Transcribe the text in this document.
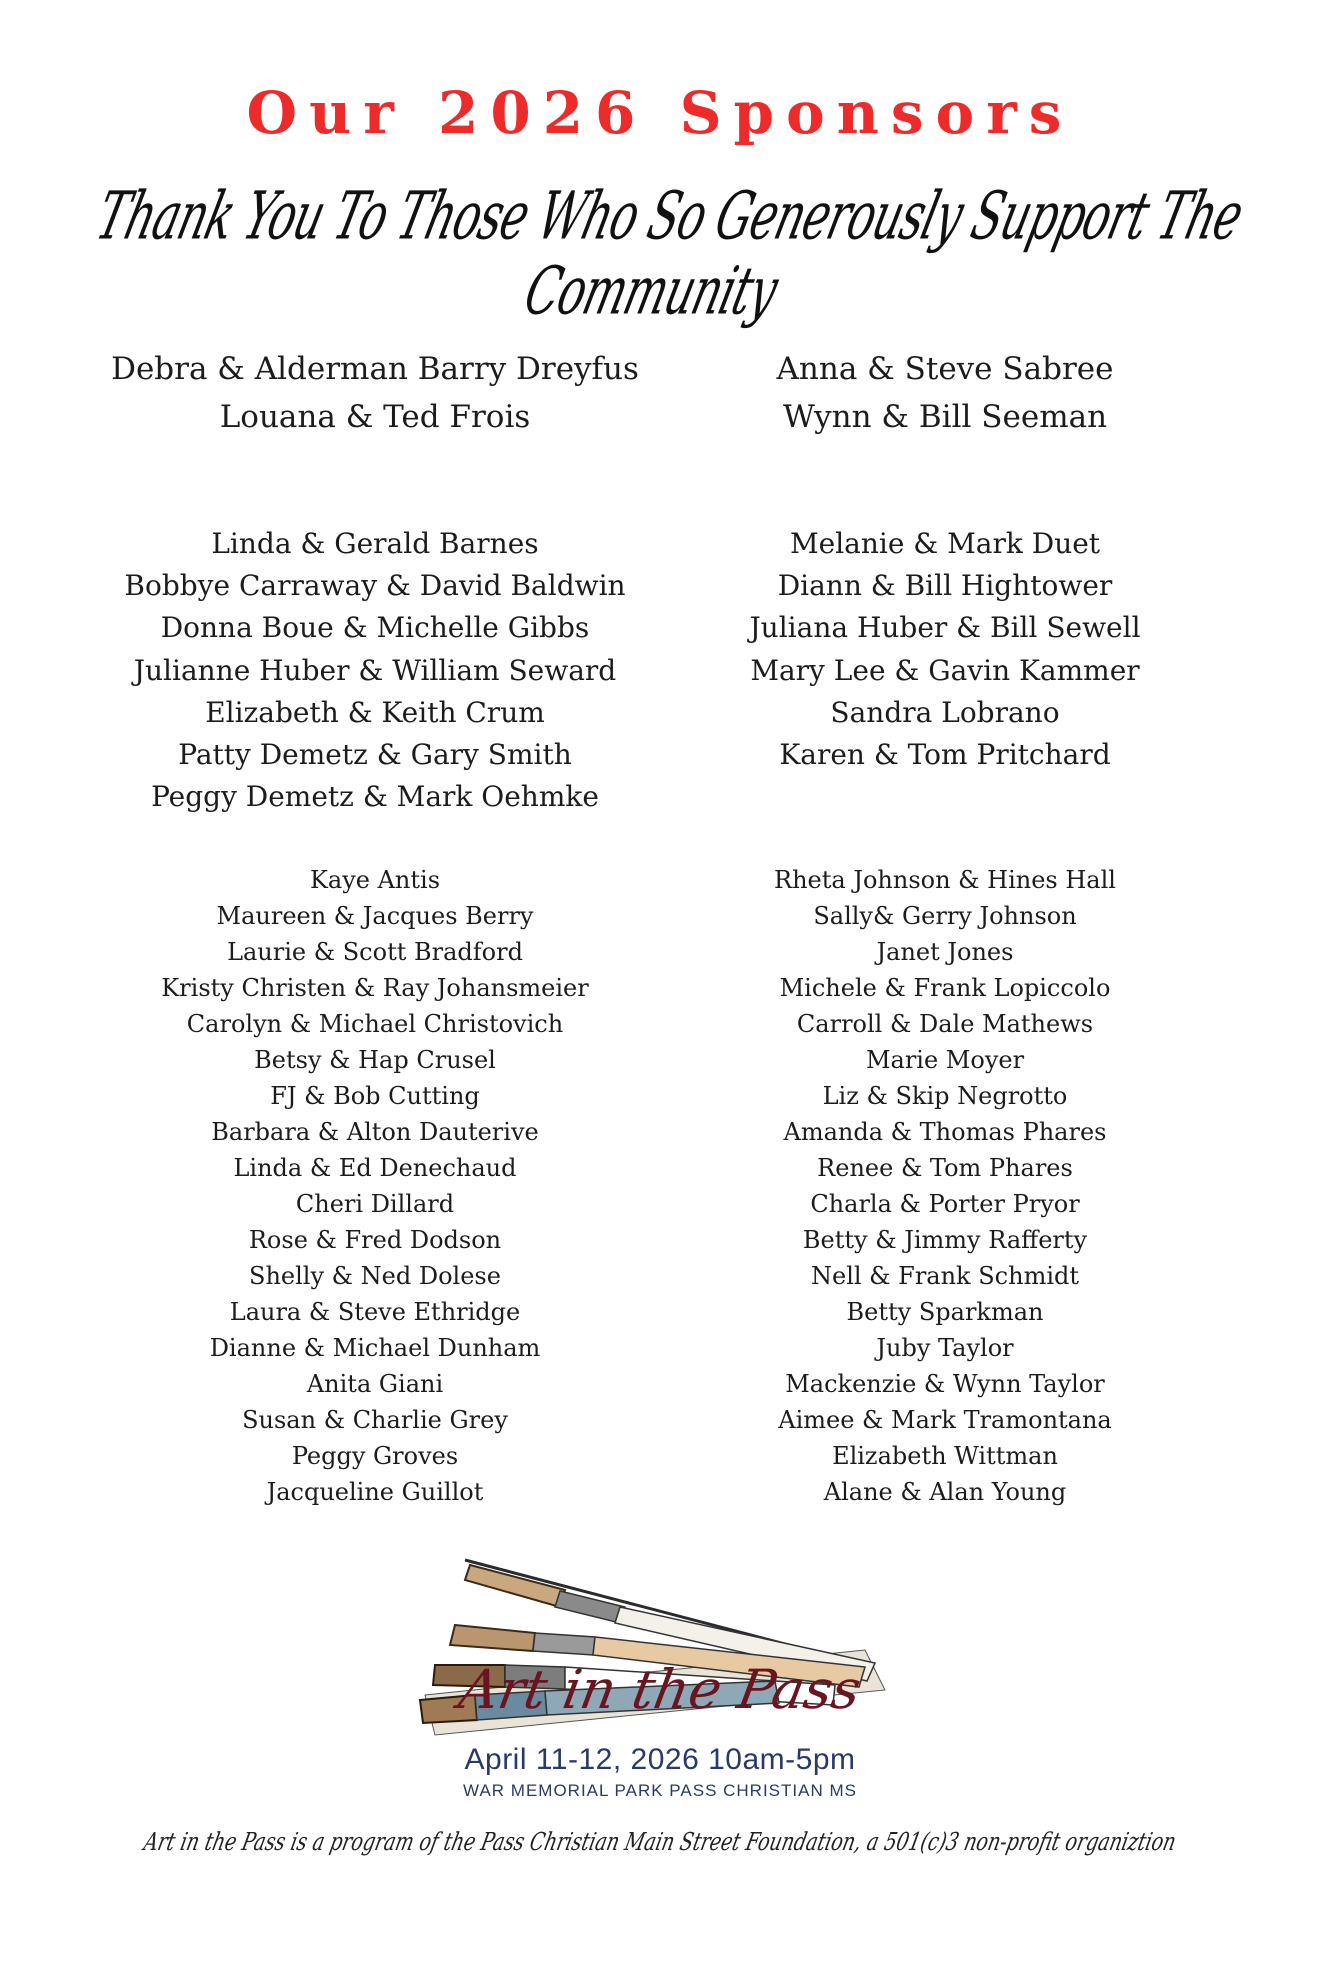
Our 2026 Sponsors
Thank You To Those Who So Generously Support The Community
Debra & Alderman Barry Dreyfus
Louana & Ted Frois
Anna & Steve Sabree
Wynn & Bill Seeman
Linda & Gerald Barnes
Bobbye Carraway & David Baldwin
Donna Boue & Michelle Gibbs
Julianne Huber & William Seward
Elizabeth & Keith Crum
Patty Demetz & Gary Smith
Peggy Demetz & Mark Oehmke
Melanie & Mark Duet
Diann & Bill Hightower
Juliana Huber & Bill Sewell
Mary Lee & Gavin Kammer
Sandra Lobrano
Karen & Tom Pritchard
Kaye Antis
Maureen & Jacques Berry
Laurie & Scott Bradford
Kristy Christen & Ray Johansmeier
Carolyn & Michael Christovich
Betsy & Hap Crusel
FJ & Bob Cutting
Barbara & Alton Dauterive
Linda & Ed Denechaud
Cheri Dillard
Rose & Fred Dodson
Shelly & Ned Dolese
Laura & Steve Ethridge
Dianne & Michael Dunham
Anita Giani
Susan & Charlie Grey
Peggy Groves
Jacqueline Guillot
Rheta Johnson & Hines Hall
Sally& Gerry Johnson
Janet Jones
Michele & Frank Lopiccolo
Carroll & Dale Mathews
Marie Moyer
Liz & Skip Negrotto
Amanda & Thomas Phares
Renee & Tom Phares
Charla & Porter Pryor
Betty & Jimmy Rafferty
Nell & Frank Schmidt
Betty Sparkman
Juby Taylor
Mackenzie & Wynn Taylor
Aimee & Mark Tramontana
Elizabeth Wittman
Alane & Alan Young
Art in the Pass
April 11-12, 2026 10am-5pm
WAR MEMORIAL PARK PASS CHRISTIAN MS
Art in the Pass is a program of the Pass Christian Main Street Foundation, a 501(c)3 non-profit organiztion
